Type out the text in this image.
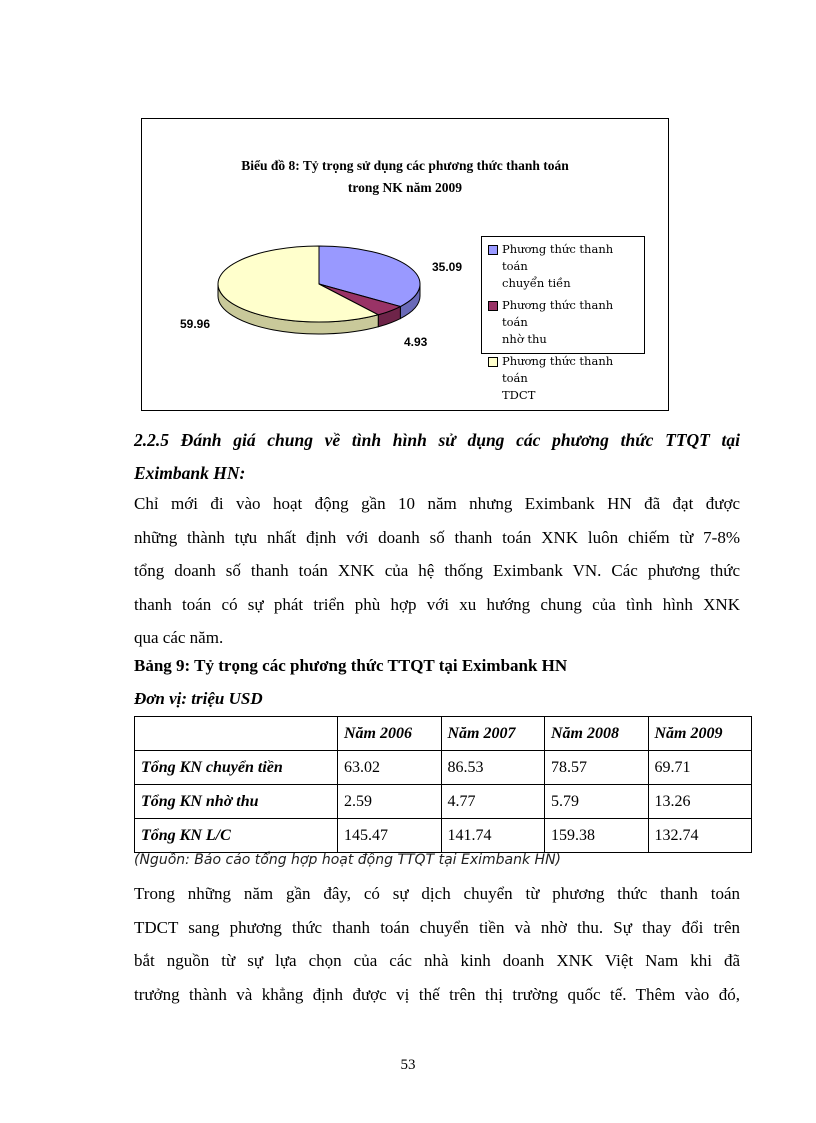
Biểu đồ 8: Tỷ trọng sử dụng các phương thức thanh toán
trong NK năm 2009
35.09
4.93
59.96
Phương thức thanh toán
chuyển tiền
Phương thức thanh toán
nhờ thu
Phương thức thanh toán
TDCT
2.2.5 Đánh giá chung về tình hình sử dụng các phương thức TTQT tại
Eximbank HN:
Chỉ mới đi vào hoạt động gần 10 năm nhưng Eximbank HN đã đạt được
những thành tựu nhất định với doanh số thanh toán XNK luôn chiếm từ 7-8%
tổng doanh số thanh toán XNK của hệ thống Eximbank VN. Các phương thức
thanh toán có sự phát triển phù hợp với xu hướng chung của tình hình XNK
qua các năm.
Bảng 9: Tỷ trọng các phương thức TTQT tại Eximbank HN
Đơn vị: triệu USD
	Năm 2006	Năm 2007	Năm 2008	Năm 2009
Tổng KN chuyển tiền	63.02	86.53	78.57	69.71
Tổng KN nhờ thu	2.59	4.77	5.79	13.26
Tổng KN L/C	145.47	141.74	159.38	132.74
(Nguồn: Báo cáo tổng hợp hoạt động TTQT tại Eximbank HN)
Trong những năm gần đây, có sự dịch chuyển từ phương thức thanh toán
TDCT sang phương thức thanh toán chuyển tiền và nhờ thu. Sự thay đổi trên
bắt nguồn từ sự lựa chọn của các nhà kinh doanh XNK Việt Nam khi đã
trưởng thành và khẳng định được vị thế trên thị trường quốc tế. Thêm vào đó,
53
